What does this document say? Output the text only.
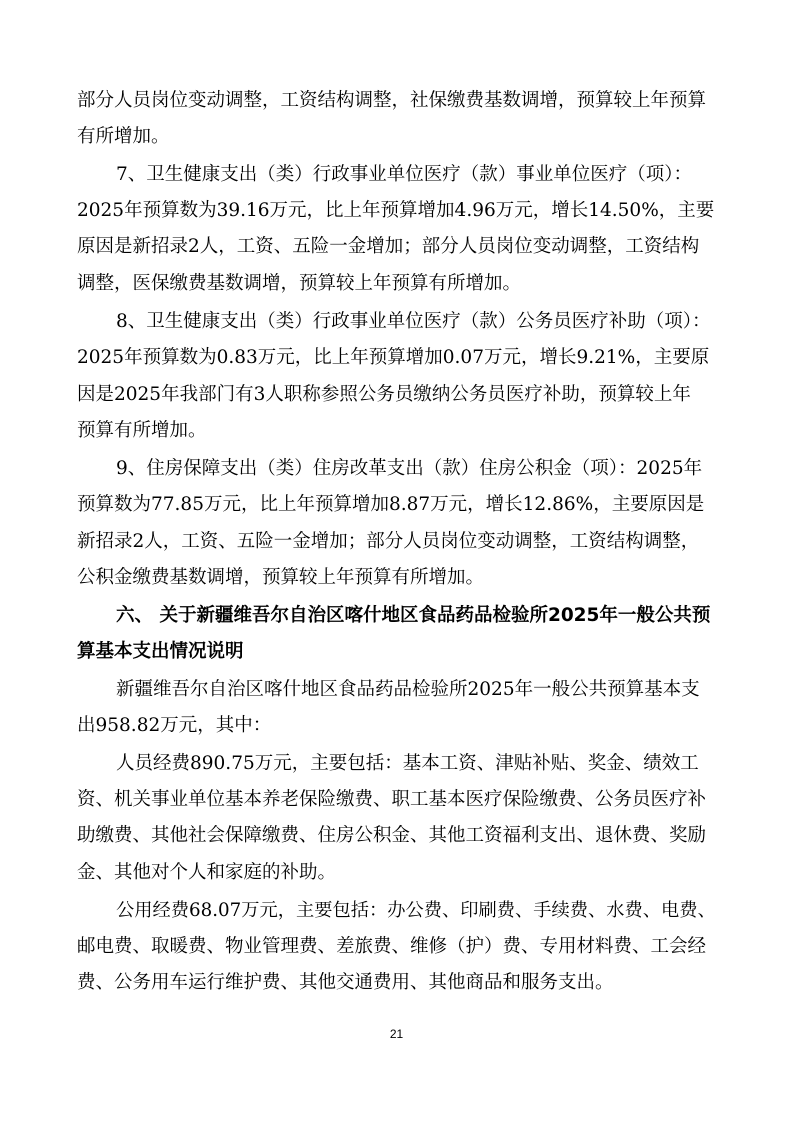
部分人员岗位变动调整，工资结构调整，社保缴费基数调增，预算较上年预算
有所增加。
7、卫生健康支出（类）行政事业单位医疗（款）事业单位医疗（项）：
2025年预算数为39.16万元，比上年预算增加4.96万元，增长14.50%，主要
原因是新招录2人，工资、五险一金增加；部分人员岗位变动调整，工资结构
调整，医保缴费基数调增，预算较上年预算有所增加。
8、卫生健康支出（类）行政事业单位医疗（款）公务员医疗补助（项）：
2025年预算数为0.83万元，比上年预算增加0.07万元，增长9.21%，主要原
因是2025年我部门有3人职称参照公务员缴纳公务员医疗补助，预算较上年
预算有所增加。
9、住房保障支出（类）住房改革支出（款）住房公积金（项）：2025年
预算数为77.85万元，比上年预算增加8.87万元，增长12.86%，主要原因是
新招录2人，工资、五险一金增加；部分人员岗位变动调整，工资结构调整，
公积金缴费基数调增，预算较上年预算有所增加。
六、 关于新疆维吾尔自治区喀什地区食品药品检验所2025年一般公共预
算基本支出情况说明
新疆维吾尔自治区喀什地区食品药品检验所2025年一般公共预算基本支
出958.82万元，其中：
人员经费890.75万元，主要包括：基本工资、津贴补贴、奖金、绩效工
资、机关事业单位基本养老保险缴费、职工基本医疗保险缴费、公务员医疗补
助缴费、其他社会保障缴费、住房公积金、其他工资福利支出、退休费、奖励
金、其他对个人和家庭的补助。
公用经费68.07万元，主要包括：办公费、印刷费、手续费、水费、电费、
邮电费、取暖费、物业管理费、差旅费、维修（护）费、专用材料费、工会经
费、公务用车运行维护费、其他交通费用、其他商品和服务支出。
21
